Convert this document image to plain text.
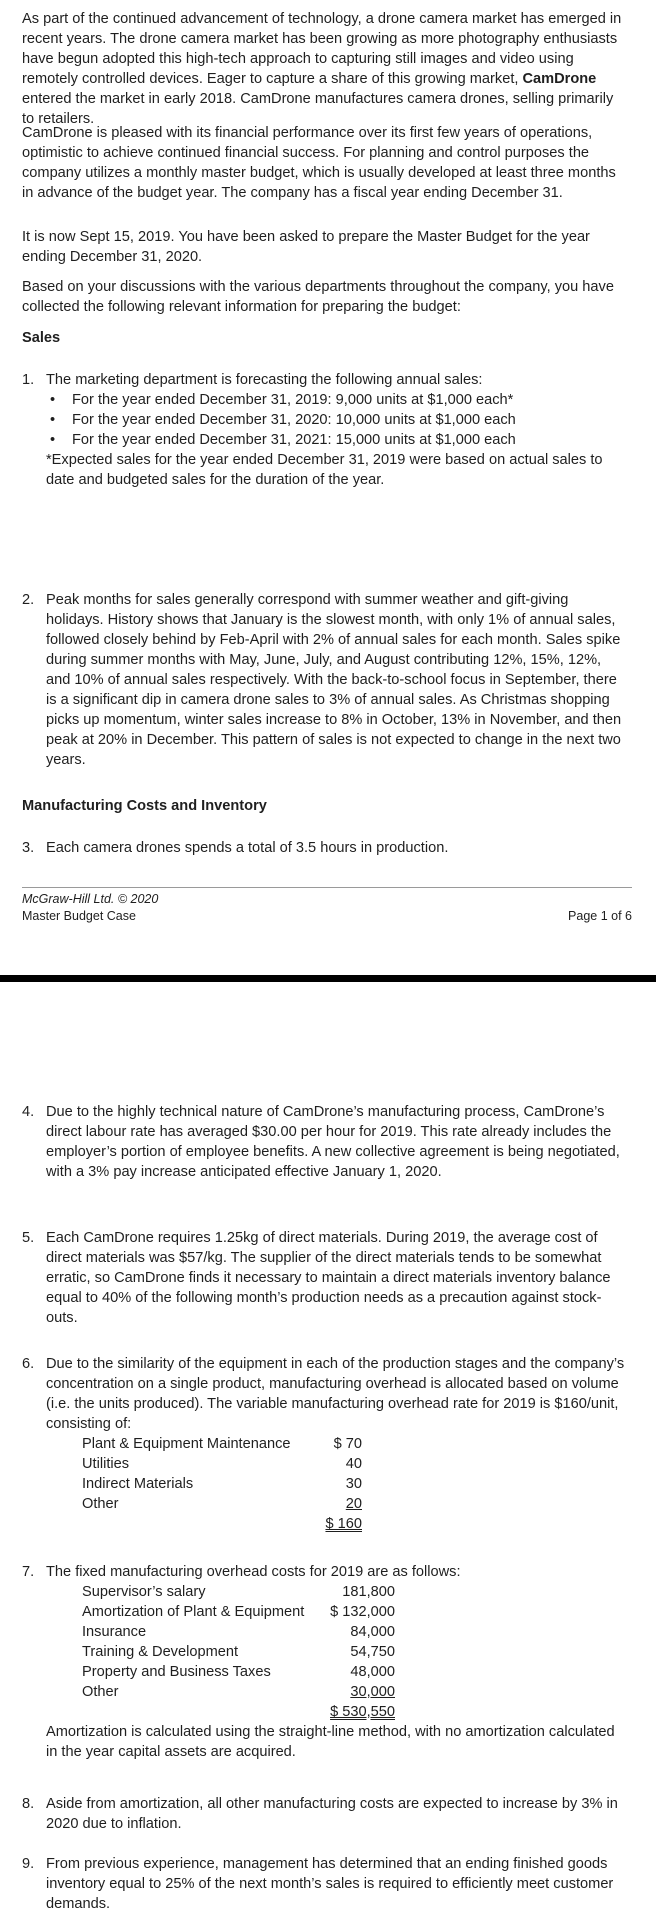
As part of the continued advancement of technology, a drone camera market has emerged in recent years. The drone camera market has been growing as more photography enthusiasts have begun adopted this high-tech approach to capturing still images and video using remotely controlled devices. Eager to capture a share of this growing market, CamDrone entered the market in early 2018. CamDrone manufactures camera drones, selling primarily to retailers.

CamDrone is pleased with its financial performance over its first few years of operations, optimistic to achieve continued financial success. For planning and control purposes the company utilizes a monthly master budget, which is usually developed at least three months in advance of the budget year. The company has a fiscal year ending December 31.

It is now Sept 15, 2019. You have been asked to prepare the Master Budget for the year ending December 31, 2020.

Based on your discussions with the various departments throughout the company, you have collected the following relevant information for preparing the budget:

Sales

1. The marketing department is forecasting the following annual sales:

• For the year ended December 31, 2019: 9,000 units at $1,000 each*
• For the year ended December 31, 2020: 10,000 units at $1,000 each
• For the year ended December 31, 2021: 15,000 units at $1,000 each

*Expected sales for the year ended December 31, 2019 were based on actual sales to date and budgeted sales for the duration of the year.

2. Peak months for sales generally correspond with summer weather and gift-giving holidays. History shows that January is the slowest month, with only 1% of annual sales, followed closely behind by Feb-April with 2% of annual sales for each month. Sales spike during summer months with May, June, July, and August contributing 12%, 15%, 12%, and 10% of annual sales respectively. With the back-to-school focus in September, there is a significant dip in camera drone sales to 3% of annual sales. As Christmas shopping picks up momentum, winter sales increase to 8% in October, 13% in November, and then peak at 20% in December. This pattern of sales is not expected to change in the next two years.

Manufacturing Costs and Inventory

3. Each camera drones spends a total of 3.5 hours in production.

McGraw-Hill Ltd. © 2020
Master Budget Case	Page 1 of 6
4. Due to the highly technical nature of CamDrone’s manufacturing process, CamDrone’s direct labour rate has averaged $30.00 per hour for 2019. This rate already includes the employer’s portion of employee benefits. A new collective agreement is being negotiated, with a 3% pay increase anticipated effective January 1, 2020.

5. Each CamDrone requires 1.25kg of direct materials. During 2019, the average cost of direct materials was $57/kg. The supplier of the direct materials tends to be somewhat erratic, so CamDrone finds it necessary to maintain a direct materials inventory balance equal to 40% of the following month’s production needs as a precaution against stock-outs.

6. Due to the similarity of the equipment in each of the production stages and the company’s concentration on a single product, manufacturing overhead is allocated based on volume (i.e. the units produced). The variable manufacturing overhead rate for 2019 is $160/unit, consisting of:

Plant & Equipment Maintenance	$ 70
Utilities	40
Indirect Materials	30
Other	20
	$ 160
7. The fixed manufacturing overhead costs for 2019 are as follows:

Supervisor’s salary	181,800
Amortization of Plant & Equipment	$ 132,000
Insurance	84,000
Training & Development	54,750
Property and Business Taxes	48,000
Other	30,000
	$ 530,550

Amortization is calculated using the straight-line method, with no amortization calculated in the year capital assets are acquired.

8. Aside from amortization, all other manufacturing costs are expected to increase by 3% in 2020 due to inflation.

9. From previous experience, management has determined that an ending finished goods inventory equal to 25% of the next month’s sales is required to efficiently meet customer demands.
